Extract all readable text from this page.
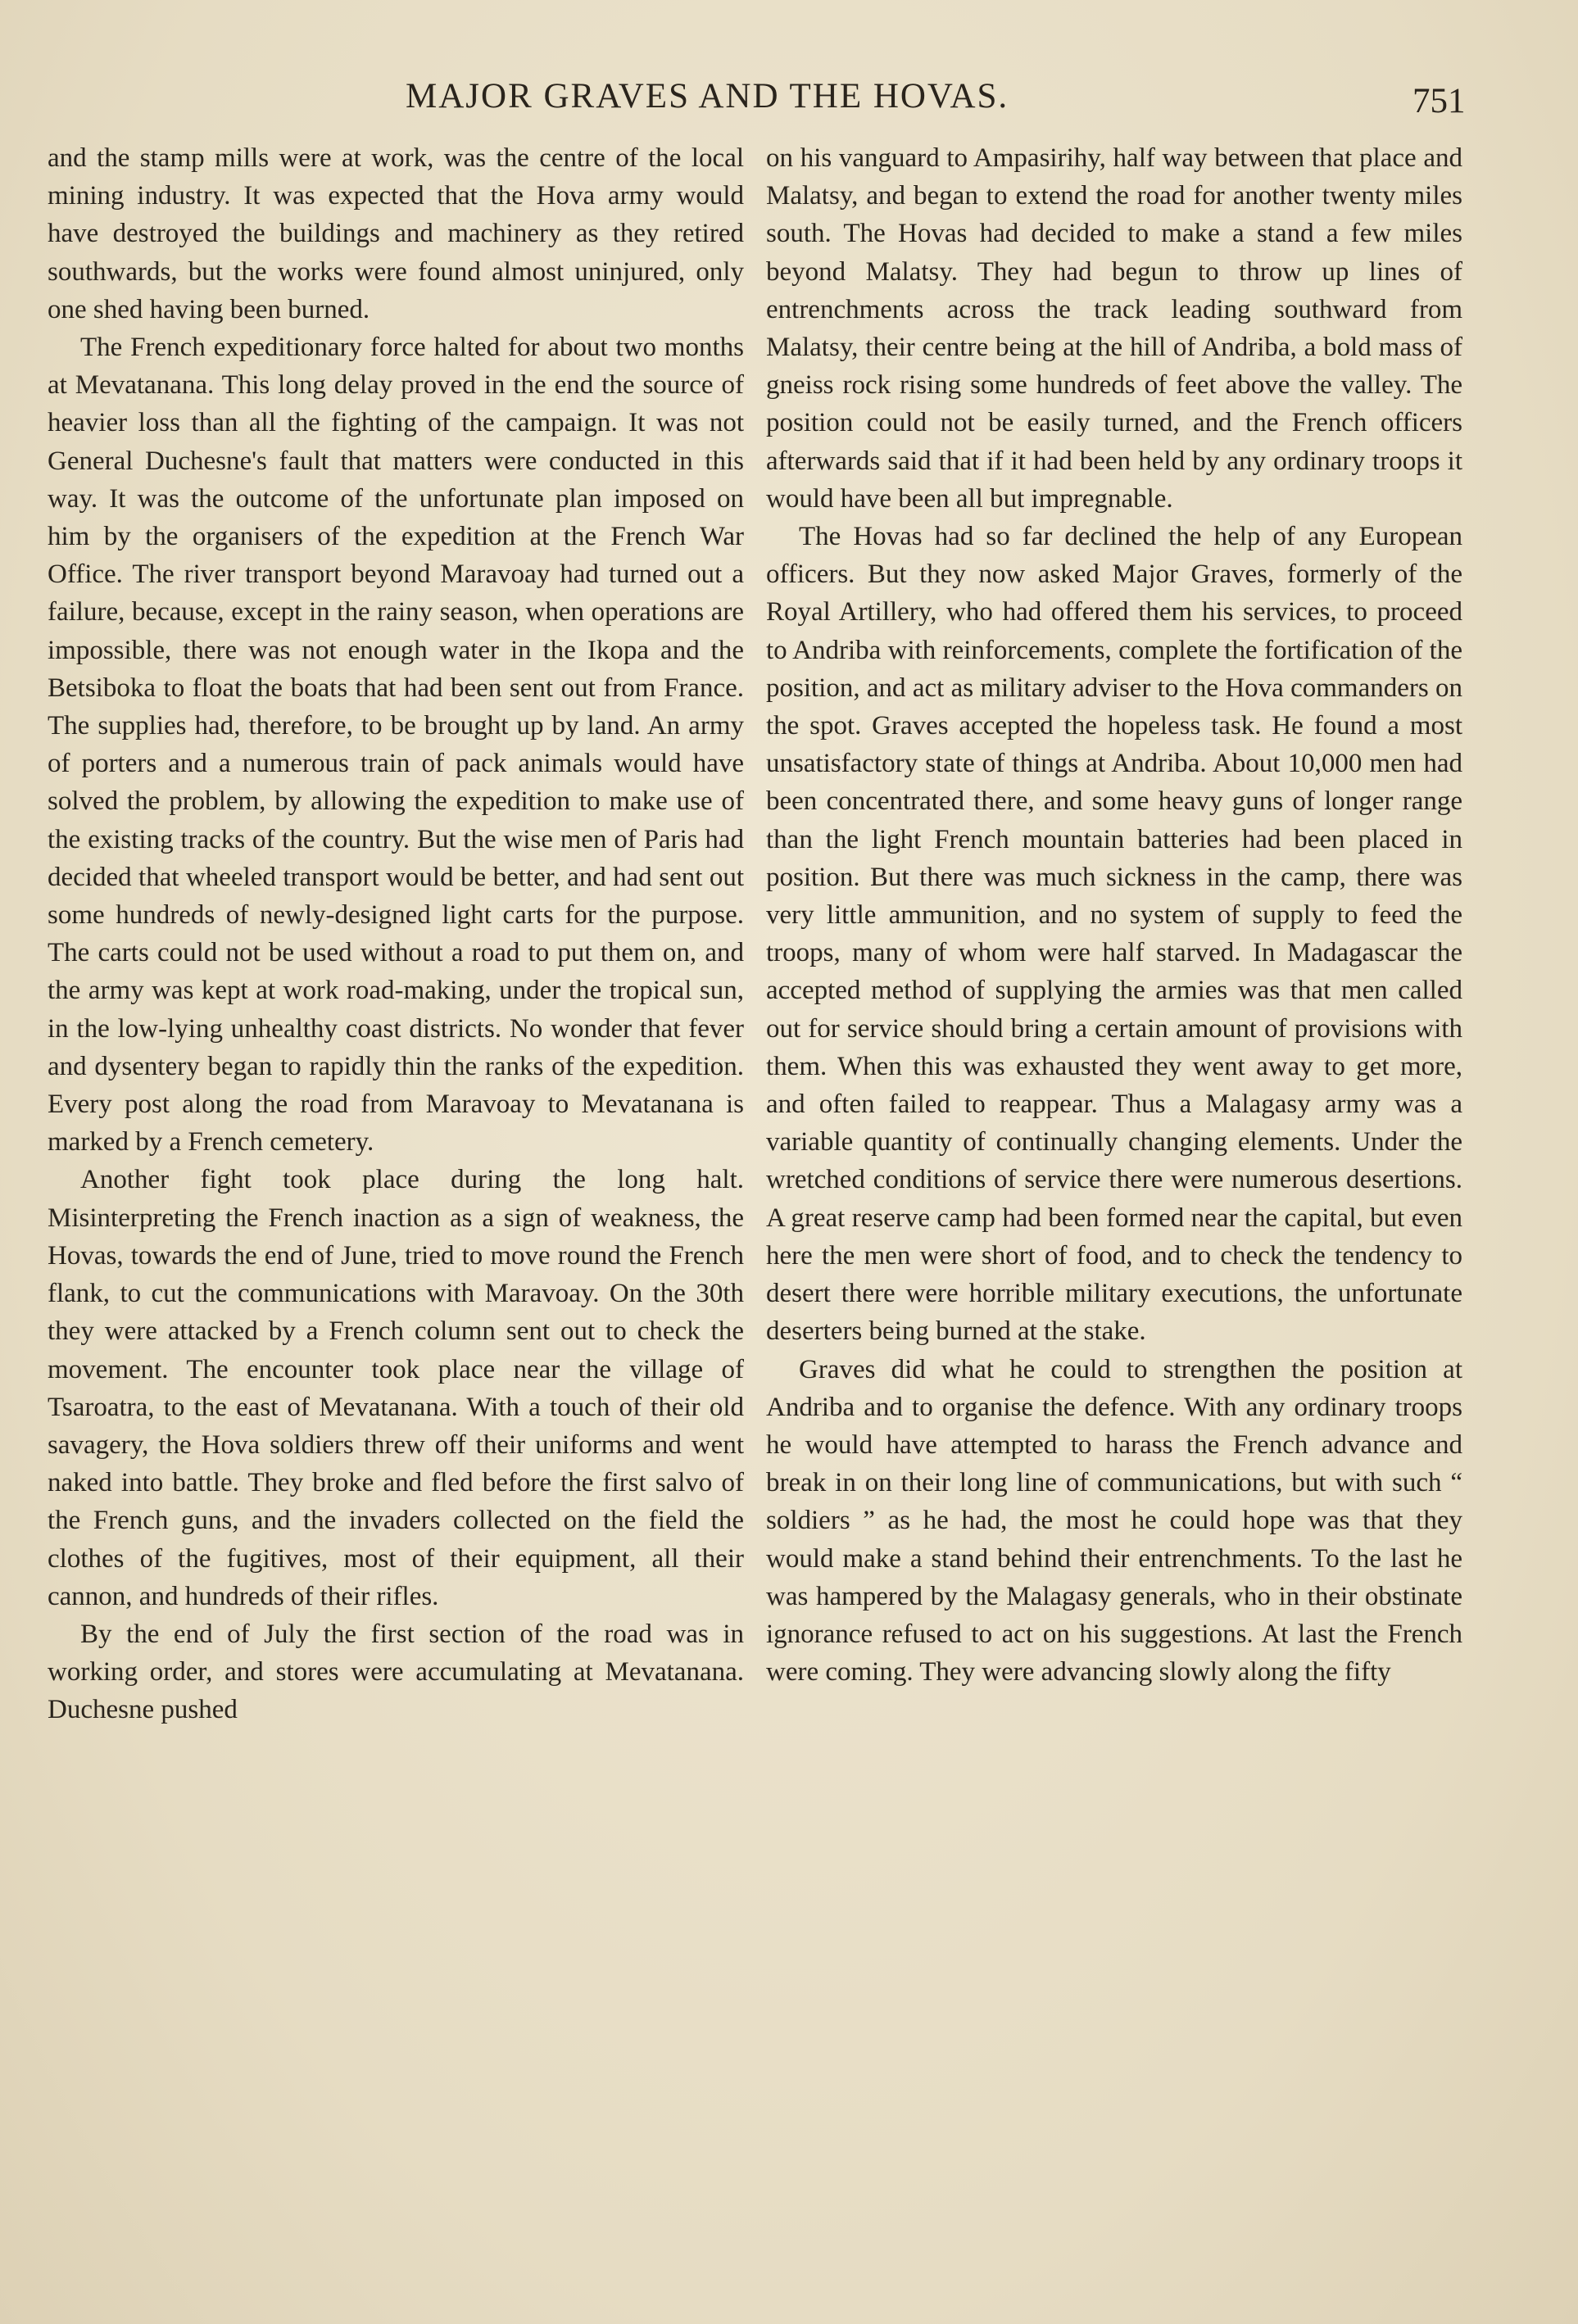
MAJOR GRAVES AND THE HOVAS.	751

and the stamp mills were at work, was the centre of the local mining industry. It was expected that the Hova army would have destroyed the buildings and machinery as they retired southwards, but the works were found almost uninjured, only one shed having been burned.

The French expeditionary force halted for about two months at Mevatanana. This long delay proved in the end the source of heavier loss than all the fighting of the campaign. It was not General Duchesne's fault that matters were conducted in this way. It was the outcome of the unfortunate plan imposed on him by the organisers of the expedition at the French War Office. The river transport beyond Maravoay had turned out a failure, because, except in the rainy season, when operations are impossible, there was not enough water in the Ikopa and the Betsiboka to float the boats that had been sent out from France. The supplies had, therefore, to be brought up by land. An army of porters and a numerous train of pack animals would have solved the problem, by allowing the expedition to make use of the existing tracks of the country. But the wise men of Paris had decided that wheeled transport would be better, and had sent out some hundreds of newly-designed light carts for the purpose. The carts could not be used without a road to put them on, and the army was kept at work road-making, under the tropical sun, in the low-lying unhealthy coast districts. No wonder that fever and dysentery began to rapidly thin the ranks of the expedition. Every post along the road from Maravoay to Mevatanana is marked by a French cemetery.

Another fight took place during the long halt. Misinterpreting the French inaction as a sign of weakness, the Hovas, towards the end of June, tried to move round the French flank, to cut the communications with Maravoay. On the 30th they were attacked by a French column sent out to check the movement. The encounter took place near the village of Tsaroatra, to the east of Mevatanana. With a touch of their old savagery, the Hova soldiers threw off their uniforms and went naked into battle. They broke and fled before the first salvo of the French guns, and the invaders collected on the field the clothes of the fugitives, most of their equipment, all their cannon, and hundreds of their rifles.

By the end of July the first section of the road was in working order, and stores were accumulating at Mevatanana. Duchesne pushed

on his vanguard to Ampasirihy, half way between that place and Malatsy, and began to extend the road for another twenty miles south. The Hovas had decided to make a stand a few miles beyond Malatsy. They had begun to throw up lines of entrenchments across the track leading southward from Malatsy, their centre being at the hill of Andriba, a bold mass of gneiss rock rising some hundreds of feet above the valley. The position could not be easily turned, and the French officers afterwards said that if it had been held by any ordinary troops it would have been all but impregnable.

The Hovas had so far declined the help of any European officers. But they now asked Major Graves, formerly of the Royal Artillery, who had offered them his services, to proceed to Andriba with reinforcements, complete the fortification of the position, and act as military adviser to the Hova commanders on the spot. Graves accepted the hopeless task. He found a most unsatisfactory state of things at Andriba. About 10,000 men had been concentrated there, and some heavy guns of longer range than the light French mountain batteries had been placed in position. But there was much sickness in the camp, there was very little ammunition, and no system of supply to feed the troops, many of whom were half starved. In Madagascar the accepted method of supplying the armies was that men called out for service should bring a certain amount of provisions with them. When this was exhausted they went away to get more, and often failed to reappear. Thus a Malagasy army was a variable quantity of continually changing elements. Under the wretched conditions of service there were numerous desertions. A great reserve camp had been formed near the capital, but even here the men were short of food, and to check the tendency to desert there were horrible military executions, the unfortunate deserters being burned at the stake.

Graves did what he could to strengthen the position at Andriba and to organise the defence. With any ordinary troops he would have attempted to harass the French advance and break in on their long line of communications, but with such “ soldiers ” as he had, the most he could hope was that they would make a stand behind their entrenchments. To the last he was hampered by the Malagasy generals, who in their obstinate ignorance refused to act on his suggestions. At last the French were coming. They were advancing slowly along the fifty
